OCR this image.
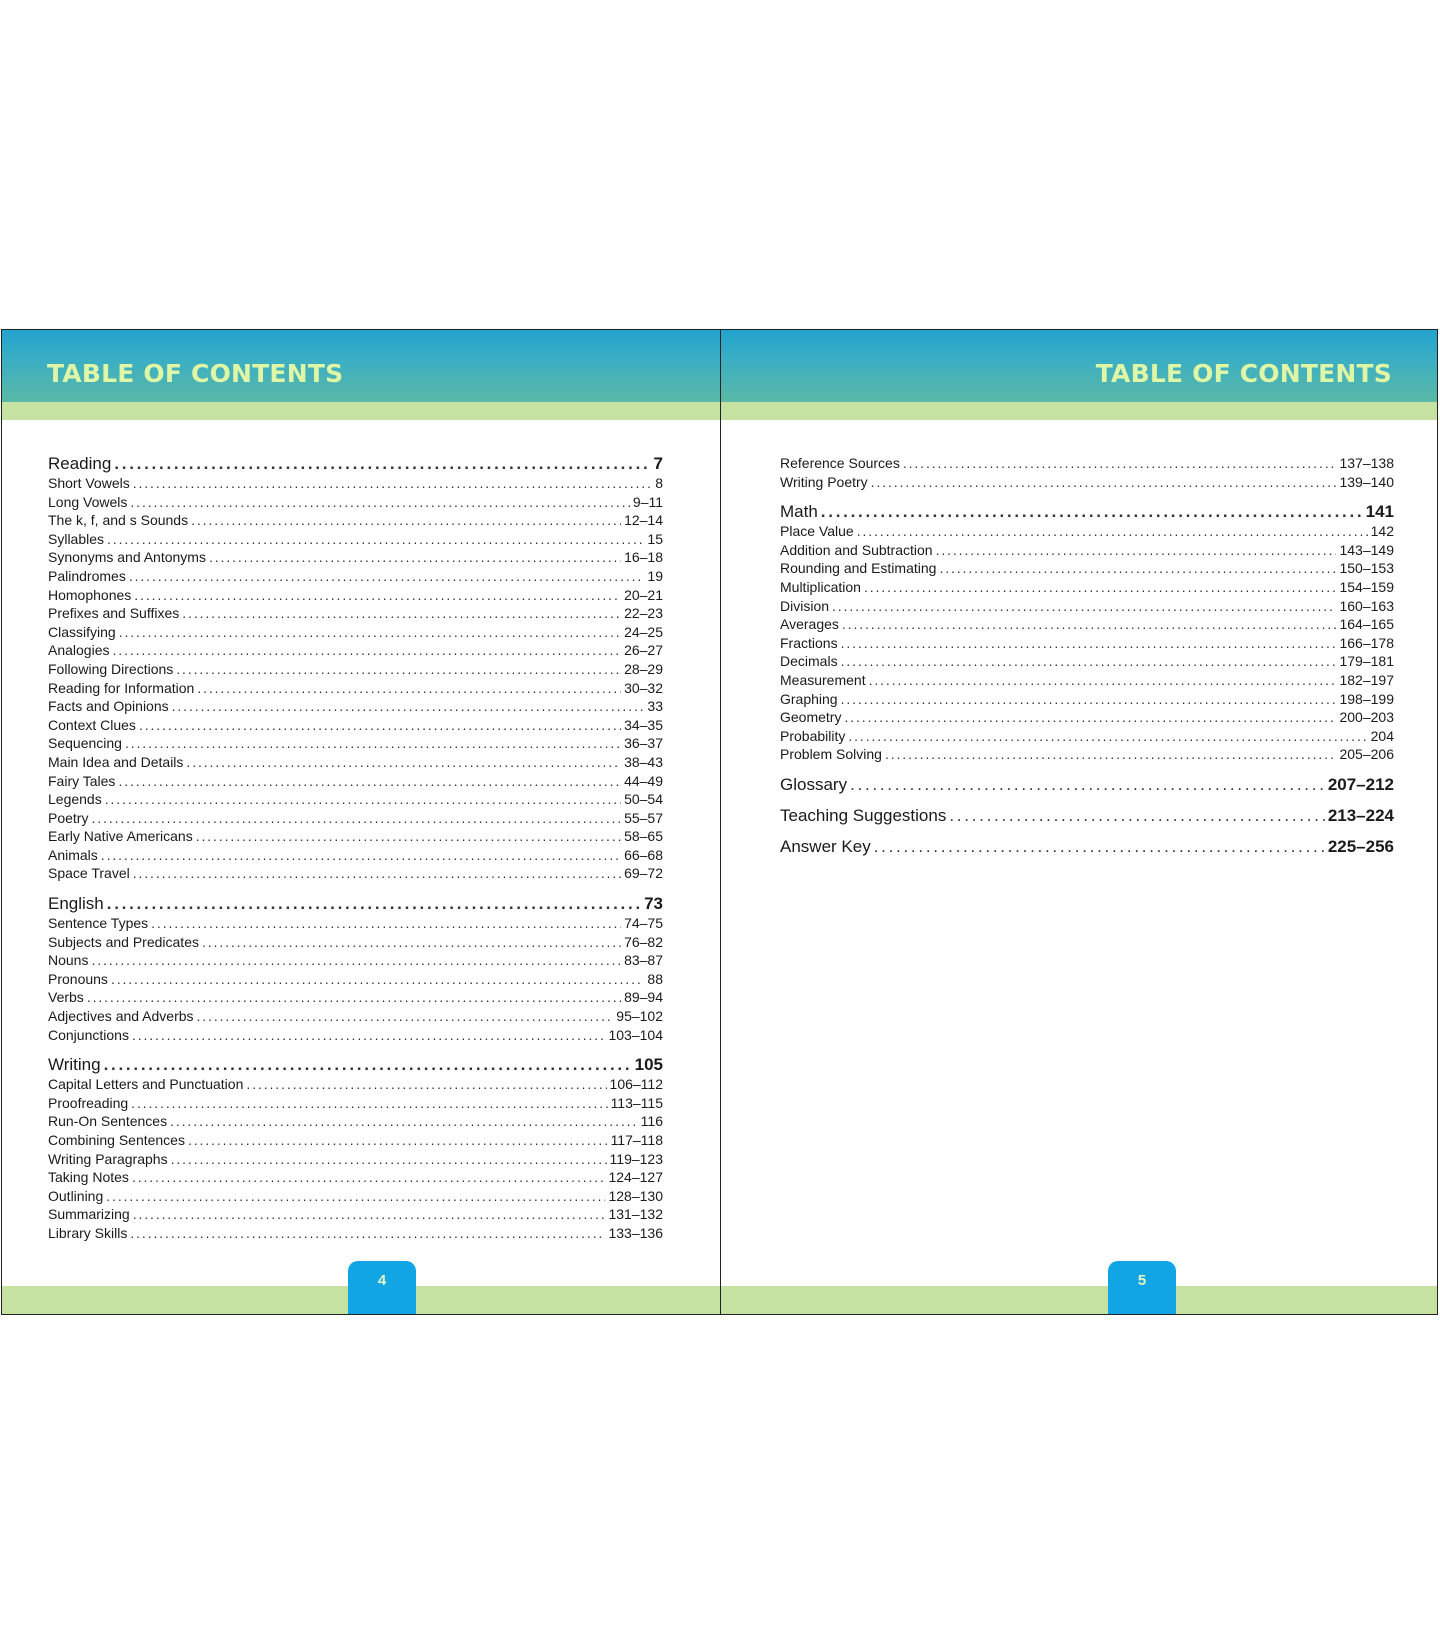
TABLE OF CONTENTS
Reading . . .	7
Short Vowels . . .	8
Long Vowels . . .	9–11
The k, f, and s Sounds . . .	12–14
Syllables . . .	15
Synonyms and Antonyms . . .	16–18
Palindromes . . .	19
Homophones . . .	20–21
Prefixes and Suffixes . . .	22–23
Classifying . . .	24–25
Analogies . . .	26–27
Following Directions . . .	28–29
Reading for Information . . .	30–32
Facts and Opinions . . .	33
Context Clues . . .	34–35
Sequencing . . .	36–37
Main Idea and Details . . .	38–43
Fairy Tales . . .	44–49
Legends . . .	50–54
Poetry . . .	55–57
Early Native Americans . . .	58–65
Animals . . .	66–68
Space Travel . . .	69–72
English . . .	73
Sentence Types . . .	74–75
Subjects and Predicates . . .	76–82
Nouns . . .	83–87
Pronouns . . .	88
Verbs . . .	89–94
Adjectives and Adverbs . . .	95–102
Conjunctions . . .	103–104
Writing . . .	105
Capital Letters and Punctuation . . .	106–112
Proofreading . . .	113–115
Run-On Sentences . . .	116
Combining Sentences . . .	117–118
Writing Paragraphs . . .	119–123
Taking Notes . . .	124–127
Outlining . . .	128–130
Summarizing . . .	131–132
Library Skills . . .	133–136
4
TABLE OF CONTENTS
Reference Sources . . .	137–138
Writing Poetry . . .	139–140
Math . . .	141
Place Value . . .	142
Addition and Subtraction . . .	143–149
Rounding and Estimating . . .	150–153
Multiplication . . .	154–159
Division . . .	160–163
Averages . . .	164–165
Fractions . . .	166–178
Decimals . . .	179–181
Measurement . . .	182–197
Graphing . . .	198–199
Geometry . . .	200–203
Probability . . .	204
Problem Solving . . .	205–206
Glossary . . .	207–212
Teaching Suggestions . . .	213–224
Answer Key . . .	225–256
5
